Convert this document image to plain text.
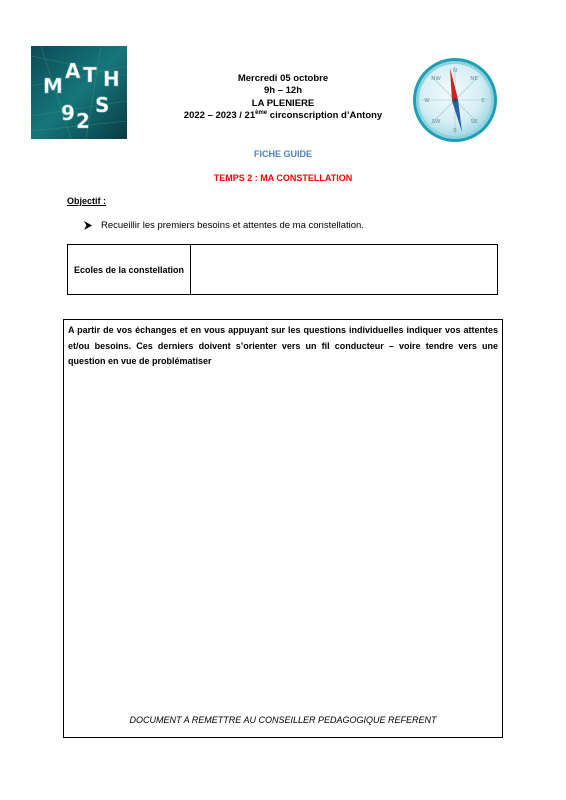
M
A T H
S
9 2
N
NE
E
SE
S
SW
W
NW
Mercredi 05 octobre
9h – 12h
LA PLENIERE
2022 – 2023 / 21ème circonscription d’Antony
FICHE GUIDE
TEMPS 2 : MA CONSTELLATION
Objectif :
Recueillir les premiers besoins et attentes de ma constellation.
Ecoles de la constellation
A partir de vos échanges et en vous appuyant sur les questions individuelles indiquer vos attentes et/ou besoins. Ces derniers doivent s’orienter vers un fil conducteur – voire tendre vers une question en vue de problématiser
DOCUMENT A REMETTRE AU CONSEILLER PEDAGOGIQUE REFERENT
